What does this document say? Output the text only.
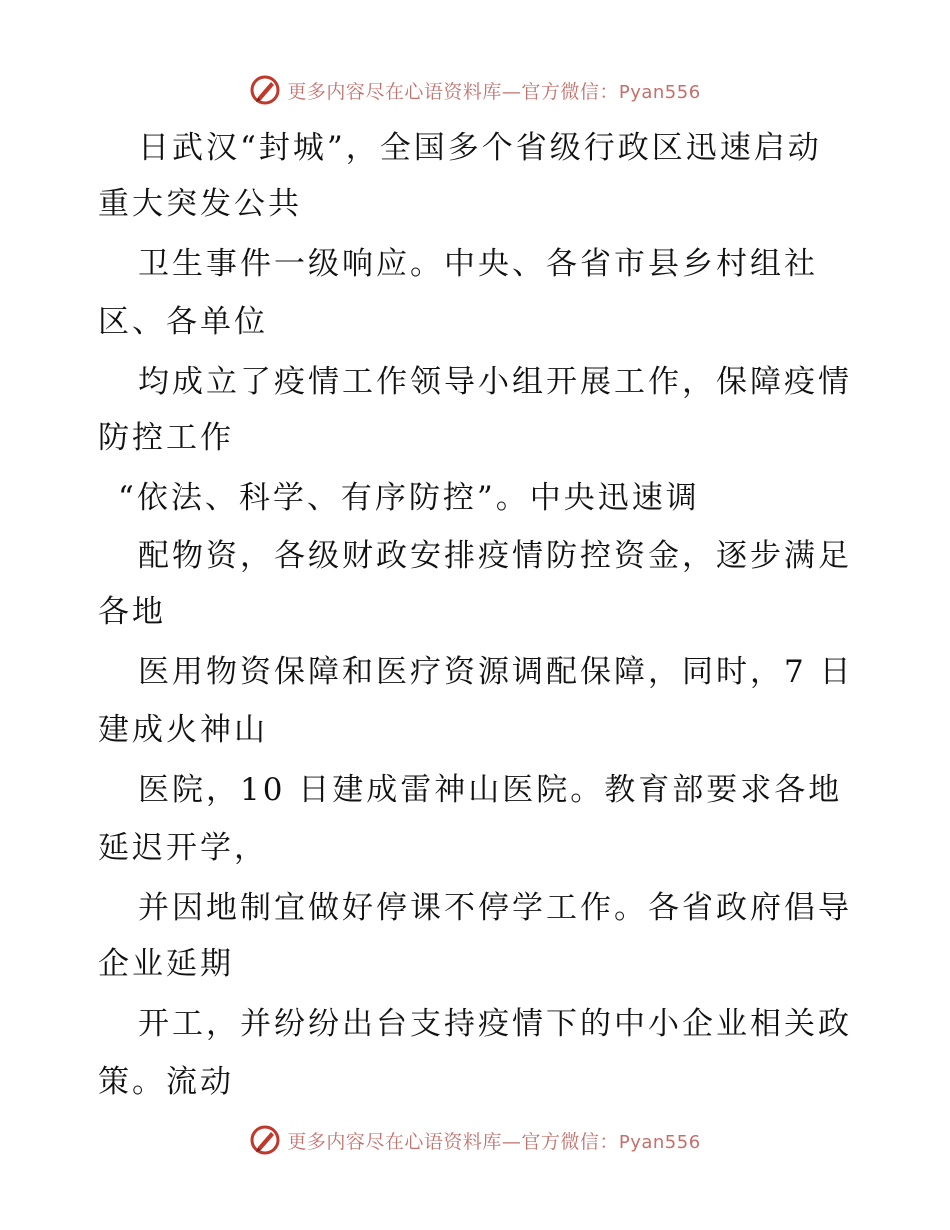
更多内容尽在心语资料库—官方微信：Pyan556
日武汉“封城”，全国多个省级行政区迅速启动
重大突发公共
卫生事件一级响应。中央、各省市县乡村组社
区、各单位
均成立了疫情工作领导小组开展工作，保障疫情
防控工作
“依法、科学、有序防控”。中央迅速调
配物资，各级财政安排疫情防控资金，逐步满足
各地
医用物资保障和医疗资源调配保障，同时，7 日
建成火神山
医院，10 日建成雷神山医院。教育部要求各地
延迟开学，
并因地制宜做好停课不停学工作。各省政府倡导
企业延期
开工，并纷纷出台支持疫情下的中小企业相关政
策。流动
更多内容尽在心语资料库—官方微信：Pyan556
